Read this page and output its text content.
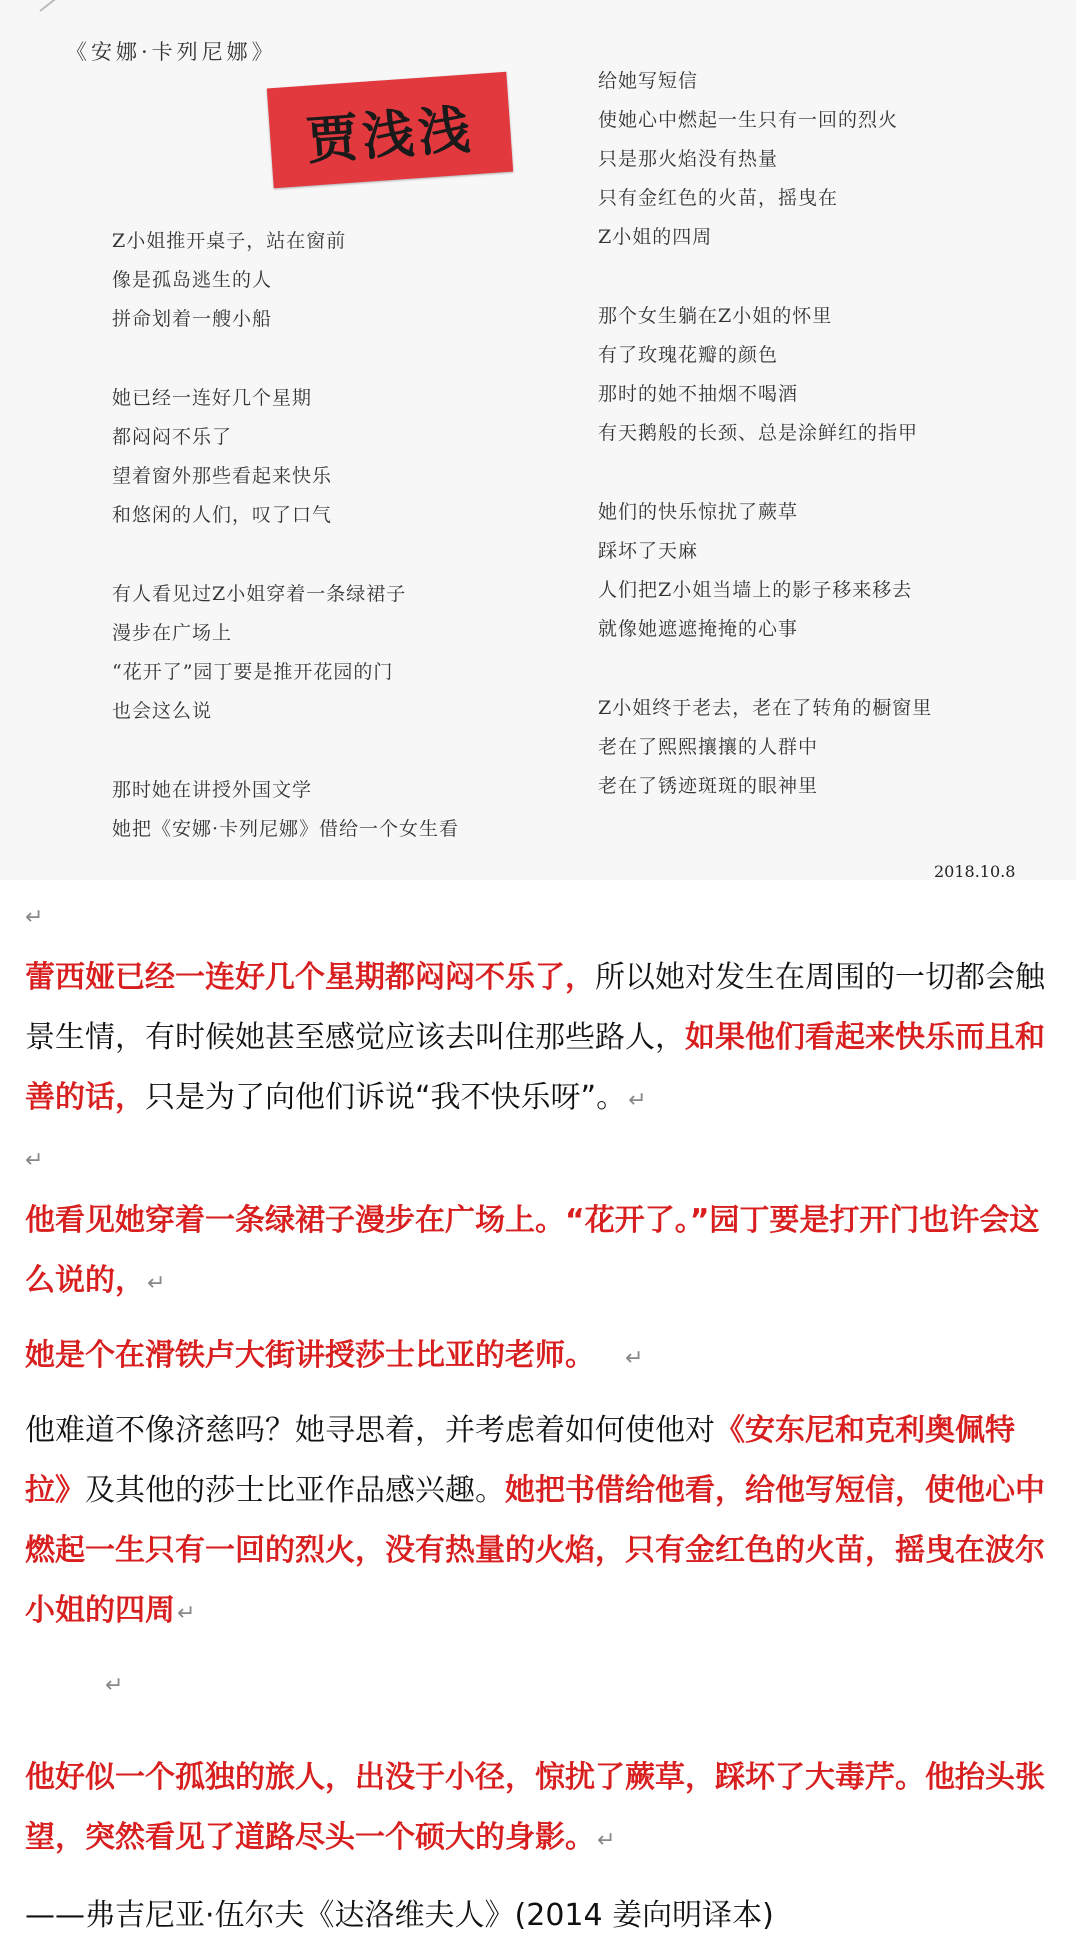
《安娜·卡列尼娜》
贾浅浅
Z小姐推开桌子，站在窗前
像是孤岛逃生的人
拼命划着一艘小船
她已经一连好几个星期
都闷闷不乐了
望着窗外那些看起来快乐
和悠闲的人们，叹了口气
有人看见过Z小姐穿着一条绿裙子
漫步在广场上
“花开了”园丁要是推开花园的门
也会这么说
那时她在讲授外国文学
她把《安娜·卡列尼娜》借给一个女生看
给她写短信
使她心中燃起一生只有一回的烈火
只是那火焰没有热量
只有金红色的火苗，摇曳在
Z小姐的四周
那个女生躺在Z小姐的怀里
有了玫瑰花瓣的颜色
那时的她不抽烟不喝酒
有天鹅般的长颈、总是涂鲜红的指甲
她们的快乐惊扰了蕨草
踩坏了天麻
人们把Z小姐当墙上的影子移来移去
就像她遮遮掩掩的心事
Z小姐终于老去，老在了转角的橱窗里
老在了熙熙攘攘的人群中
老在了锈迹斑斑的眼神里
2018.10.8
↵

蕾西娅已经一连好几个星期都闷闷不乐了，所以她对发生在周围的一切都会触景生情，有时候她甚至感觉应该去叫住那些路人，如果他们看起来快乐而且和善的话，只是为了向他们诉说“我不快乐呀”。↵

↵

他看见她穿着一条绿裙子漫步在广场上。“花开了。”园丁要是打开门也许会这么说的，↵

她是个在滑铁卢大街讲授莎士比亚的老师。 ↵

他难道不像济慈吗？她寻思着，并考虑着如何使他对《安东尼和克利奥佩特拉》及其他的莎士比亚作品感兴趣。她把书借给他看，给他写短信，使他心中燃起一生只有一回的烈火，没有热量的火焰，只有金红色的火苗，摇曳在波尔小姐的四周↵

↵

他好似一个孤独的旅人，出没于小径，惊扰了蕨草，踩坏了大毒芹。他抬头张望，突然看见了道路尽头一个硕大的身影。↵

——弗吉尼亚·伍尔夫《达洛维夫人》(2014 姜向明译本)
